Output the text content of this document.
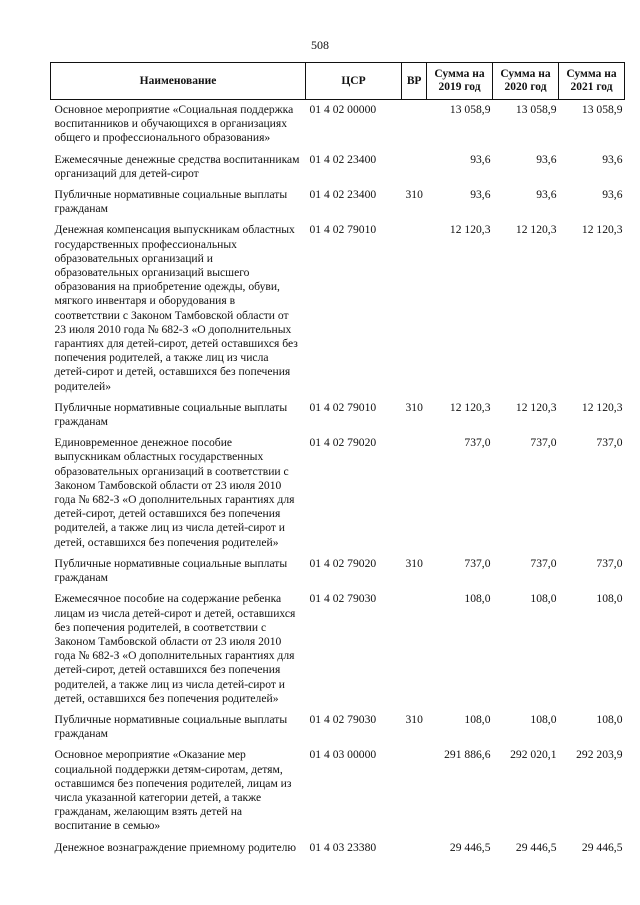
508
Наименование	ЦСР	ВР	Сумма на 2019 год	Сумма на 2020 год	Сумма на 2021 год
Основное мероприятие «Социальная поддержка воспитанников и обучающихся в организациях общего и профессионального образования»	01 4 02 00000		13 058,9	13 058,9	13 058,9
Ежемесячные денежные средства воспитанникам организаций для детей-сирот	01 4 02 23400		93,6	93,6	93,6
Публичные нормативные социальные выплаты гражданам	01 4 02 23400	310	93,6	93,6	93,6
Денежная компенсация выпускникам областных государственных профессиональных образовательных организаций и образовательных организаций высшего образования на приобретение одежды, обуви, мягкого инвентаря и оборудования в соответствии с Законом Тамбовской области от 23 июля 2010 года № 682-З «О дополнительных гарантиях для детей-сирот, детей оставшихся без попечения родителей, а также лиц из числа детей-сирот и детей, оставшихся без попечения родителей»	01 4 02 79010		12 120,3	12 120,3	12 120,3
Публичные нормативные социальные выплаты гражданам	01 4 02 79010	310	12 120,3	12 120,3	12 120,3
Единовременное денежное пособие выпускникам областных государственных образовательных организаций в соответствии с Законом Тамбовской области от 23 июля 2010 года № 682-З «О дополнительных гарантиях для детей-сирот, детей оставшихся без попечения родителей, а также лиц из числа детей-сирот и детей, оставшихся без попечения родителей»	01 4 02 79020		737,0	737,0	737,0
Публичные нормативные социальные выплаты гражданам	01 4 02 79020	310	737,0	737,0	737,0
Ежемесячное пособие на содержание ребенка лицам из числа детей-сирот и детей, оставшихся без попечения родителей, в соответствии с Законом Тамбовской области от 23 июля 2010 года № 682-З «О дополнительных гарантиях для детей-сирот, детей оставшихся без попечения родителей, а также лиц из числа детей-сирот и детей, оставшихся без попечения родителей»	01 4 02 79030		108,0	108,0	108,0
Публичные нормативные социальные выплаты гражданам	01 4 02 79030	310	108,0	108,0	108,0
Основное мероприятие «Оказание мер социальной поддержки детям-сиротам, детям, оставшимся без попечения родителей, лицам из числа указанной категории детей, а также гражданам, желающим взять детей на воспитание в семью»	01 4 03 00000		291 886,6	292 020,1	292 203,9
Денежное вознаграждение приемному родителю	01 4 03 23380		29 446,5	29 446,5	29 446,5
